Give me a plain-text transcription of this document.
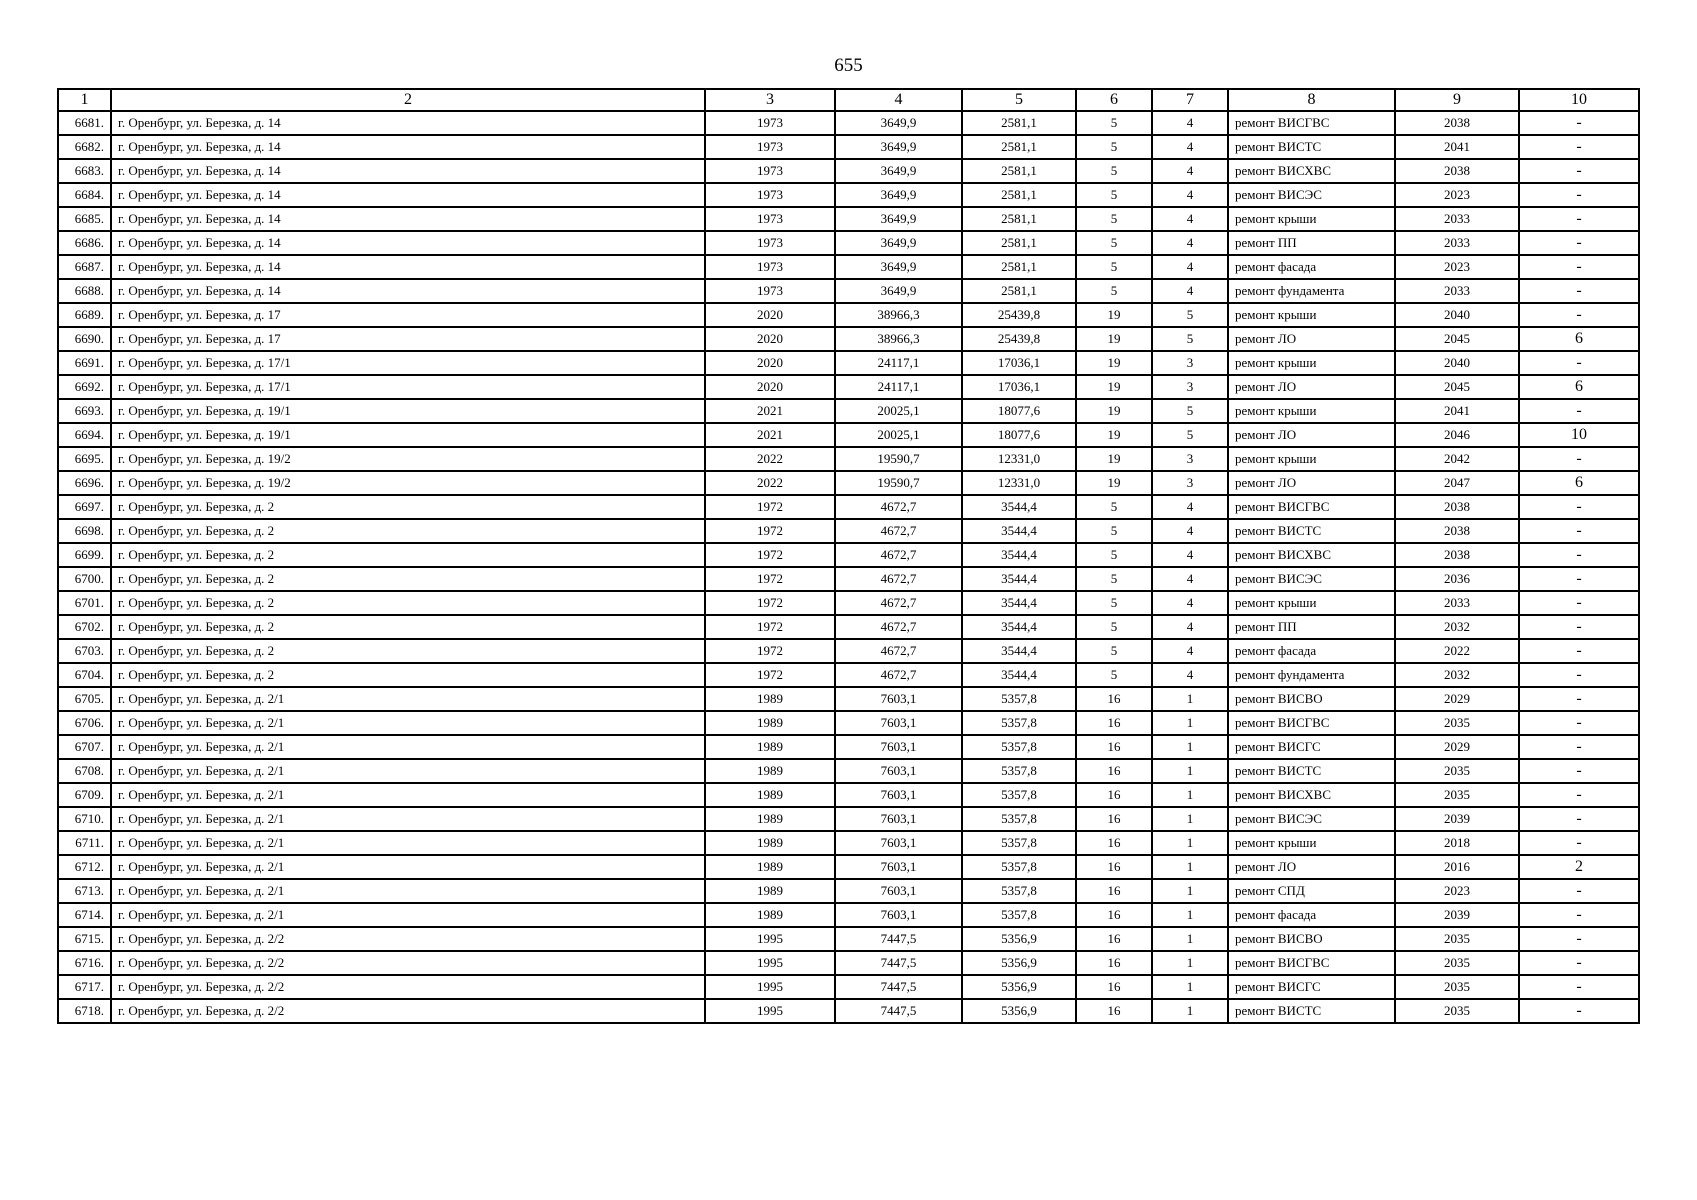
655
1	2	3	4	5	6	7	8	9	10
6681.	г. Оренбург, ул. Березка, д. 14	1973	3649,9	2581,1	5	4	ремонт ВИСГВС	2038	-
6682.	г. Оренбург, ул. Березка, д. 14	1973	3649,9	2581,1	5	4	ремонт ВИСТС	2041	-
6683.	г. Оренбург, ул. Березка, д. 14	1973	3649,9	2581,1	5	4	ремонт ВИСХВС	2038	-
6684.	г. Оренбург, ул. Березка, д. 14	1973	3649,9	2581,1	5	4	ремонт ВИСЭС	2023	-
6685.	г. Оренбург, ул. Березка, д. 14	1973	3649,9	2581,1	5	4	ремонт крыши	2033	-
6686.	г. Оренбург, ул. Березка, д. 14	1973	3649,9	2581,1	5	4	ремонт ПП	2033	-
6687.	г. Оренбург, ул. Березка, д. 14	1973	3649,9	2581,1	5	4	ремонт фасада	2023	-
6688.	г. Оренбург, ул. Березка, д. 14	1973	3649,9	2581,1	5	4	ремонт фундамента	2033	-
6689.	г. Оренбург, ул. Березка, д. 17	2020	38966,3	25439,8	19	5	ремонт крыши	2040	-
6690.	г. Оренбург, ул. Березка, д. 17	2020	38966,3	25439,8	19	5	ремонт ЛО	2045	6
6691.	г. Оренбург, ул. Березка, д. 17/1	2020	24117,1	17036,1	19	3	ремонт крыши	2040	-
6692.	г. Оренбург, ул. Березка, д. 17/1	2020	24117,1	17036,1	19	3	ремонт ЛО	2045	6
6693.	г. Оренбург, ул. Березка, д. 19/1	2021	20025,1	18077,6	19	5	ремонт крыши	2041	-
6694.	г. Оренбург, ул. Березка, д. 19/1	2021	20025,1	18077,6	19	5	ремонт ЛО	2046	10
6695.	г. Оренбург, ул. Березка, д. 19/2	2022	19590,7	12331,0	19	3	ремонт крыши	2042	-
6696.	г. Оренбург, ул. Березка, д. 19/2	2022	19590,7	12331,0	19	3	ремонт ЛО	2047	6
6697.	г. Оренбург, ул. Березка, д. 2	1972	4672,7	3544,4	5	4	ремонт ВИСГВС	2038	-
6698.	г. Оренбург, ул. Березка, д. 2	1972	4672,7	3544,4	5	4	ремонт ВИСТС	2038	-
6699.	г. Оренбург, ул. Березка, д. 2	1972	4672,7	3544,4	5	4	ремонт ВИСХВС	2038	-
6700.	г. Оренбург, ул. Березка, д. 2	1972	4672,7	3544,4	5	4	ремонт ВИСЭС	2036	-
6701.	г. Оренбург, ул. Березка, д. 2	1972	4672,7	3544,4	5	4	ремонт крыши	2033	-
6702.	г. Оренбург, ул. Березка, д. 2	1972	4672,7	3544,4	5	4	ремонт ПП	2032	-
6703.	г. Оренбург, ул. Березка, д. 2	1972	4672,7	3544,4	5	4	ремонт фасада	2022	-
6704.	г. Оренбург, ул. Березка, д. 2	1972	4672,7	3544,4	5	4	ремонт фундамента	2032	-
6705.	г. Оренбург, ул. Березка, д. 2/1	1989	7603,1	5357,8	16	1	ремонт ВИСВО	2029	-
6706.	г. Оренбург, ул. Березка, д. 2/1	1989	7603,1	5357,8	16	1	ремонт ВИСГВС	2035	-
6707.	г. Оренбург, ул. Березка, д. 2/1	1989	7603,1	5357,8	16	1	ремонт ВИСГС	2029	-
6708.	г. Оренбург, ул. Березка, д. 2/1	1989	7603,1	5357,8	16	1	ремонт ВИСТС	2035	-
6709.	г. Оренбург, ул. Березка, д. 2/1	1989	7603,1	5357,8	16	1	ремонт ВИСХВС	2035	-
6710.	г. Оренбург, ул. Березка, д. 2/1	1989	7603,1	5357,8	16	1	ремонт ВИСЭС	2039	-
6711.	г. Оренбург, ул. Березка, д. 2/1	1989	7603,1	5357,8	16	1	ремонт крыши	2018	-
6712.	г. Оренбург, ул. Березка, д. 2/1	1989	7603,1	5357,8	16	1	ремонт ЛО	2016	2
6713.	г. Оренбург, ул. Березка, д. 2/1	1989	7603,1	5357,8	16	1	ремонт СПД	2023	-
6714.	г. Оренбург, ул. Березка, д. 2/1	1989	7603,1	5357,8	16	1	ремонт фасада	2039	-
6715.	г. Оренбург, ул. Березка, д. 2/2	1995	7447,5	5356,9	16	1	ремонт ВИСВО	2035	-
6716.	г. Оренбург, ул. Березка, д. 2/2	1995	7447,5	5356,9	16	1	ремонт ВИСГВС	2035	-
6717.	г. Оренбург, ул. Березка, д. 2/2	1995	7447,5	5356,9	16	1	ремонт ВИСГС	2035	-
6718.	г. Оренбург, ул. Березка, д. 2/2	1995	7447,5	5356,9	16	1	ремонт ВИСТС	2035	-
